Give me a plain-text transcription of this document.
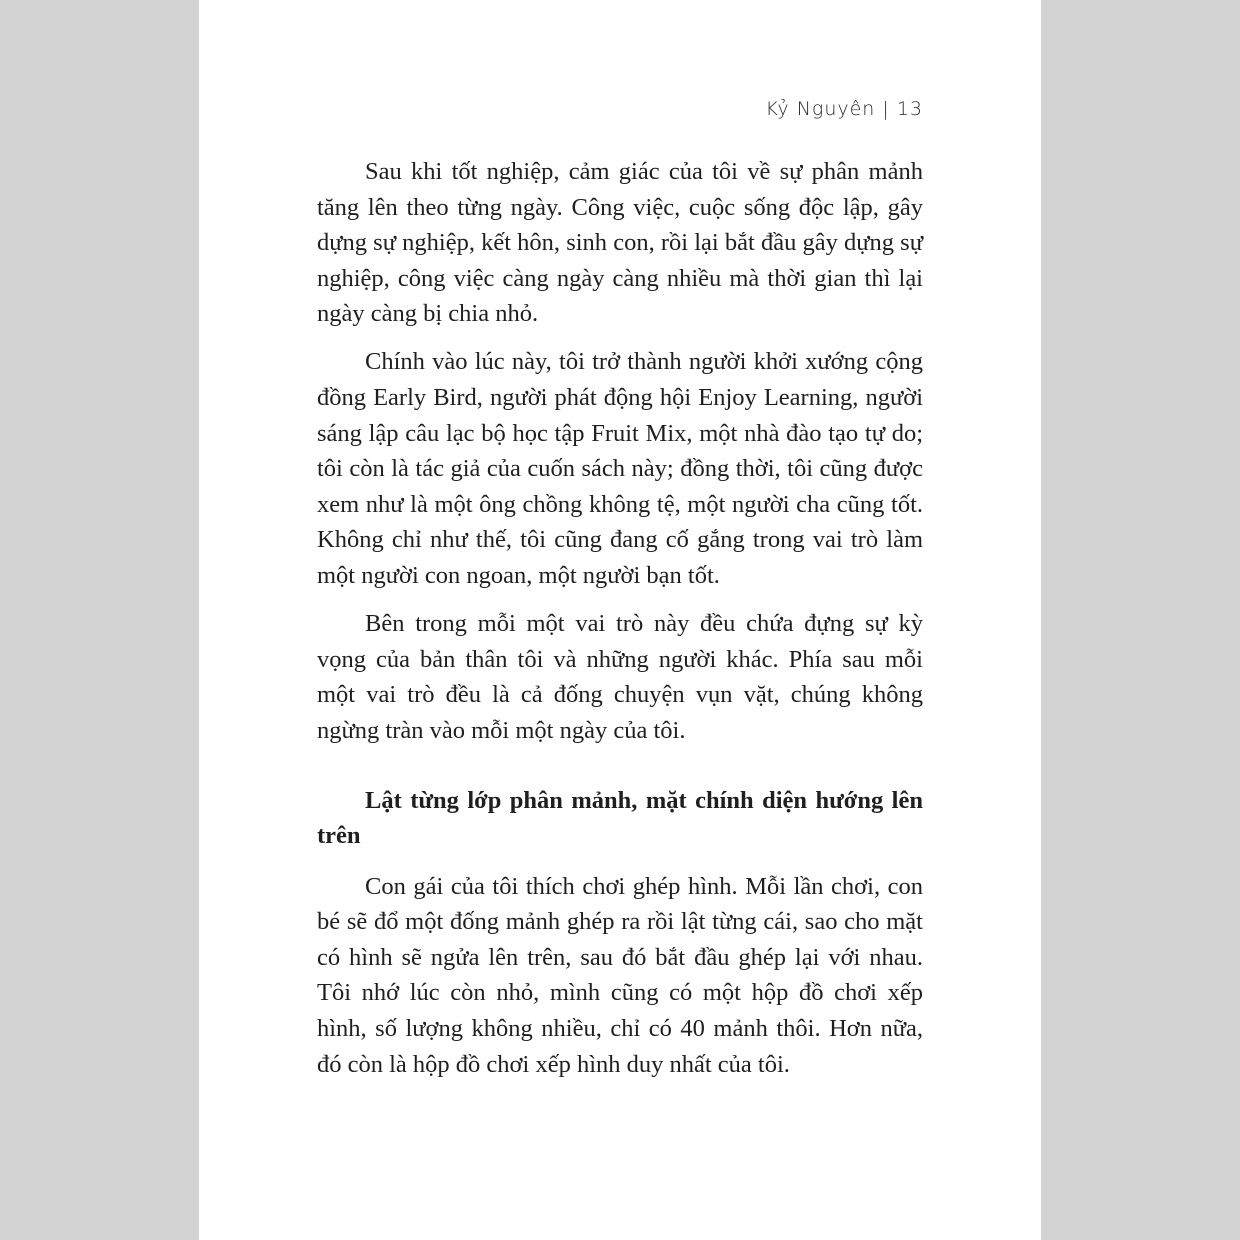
Kỷ Nguyên | 13

Sau khi tốt nghiệp, cảm giác của tôi về sự phân mảnh tăng lên theo từng ngày. Công việc, cuộc sống độc lập, gây dựng sự nghiệp, kết hôn, sinh con, rồi lại bắt đầu gây dựng sự nghiệp, công việc càng ngày càng nhiều mà thời gian thì lại ngày càng bị chia nhỏ.

Chính vào lúc này, tôi trở thành người khởi xướng cộng đồng Early Bird, người phát động hội Enjoy Learning, người sáng lập câu lạc bộ học tập Fruit Mix, một nhà đào tạo tự do; tôi còn là tác giả của cuốn sách này; đồng thời, tôi cũng được xem như là một ông chồng không tệ, một người cha cũng tốt. Không chỉ như thế, tôi cũng đang cố gắng trong vai trò làm một người con ngoan, một người bạn tốt.

Bên trong mỗi một vai trò này đều chứa đựng sự kỳ vọng của bản thân tôi và những người khác. Phía sau mỗi một vai trò đều là cả đống chuyện vụn vặt, chúng không ngừng tràn vào mỗi một ngày của tôi.

Lật từng lớp phân mảnh, mặt chính diện hướng lên trên

Con gái của tôi thích chơi ghép hình. Mỗi lần chơi, con bé sẽ đổ một đống mảnh ghép ra rồi lật từng cái, sao cho mặt có hình sẽ ngửa lên trên, sau đó bắt đầu ghép lại với nhau. Tôi nhớ lúc còn nhỏ, mình cũng có một hộp đồ chơi xếp hình, số lượng không nhiều, chỉ có 40 mảnh thôi. Hơn nữa, đó còn là hộp đồ chơi xếp hình duy nhất của tôi.
